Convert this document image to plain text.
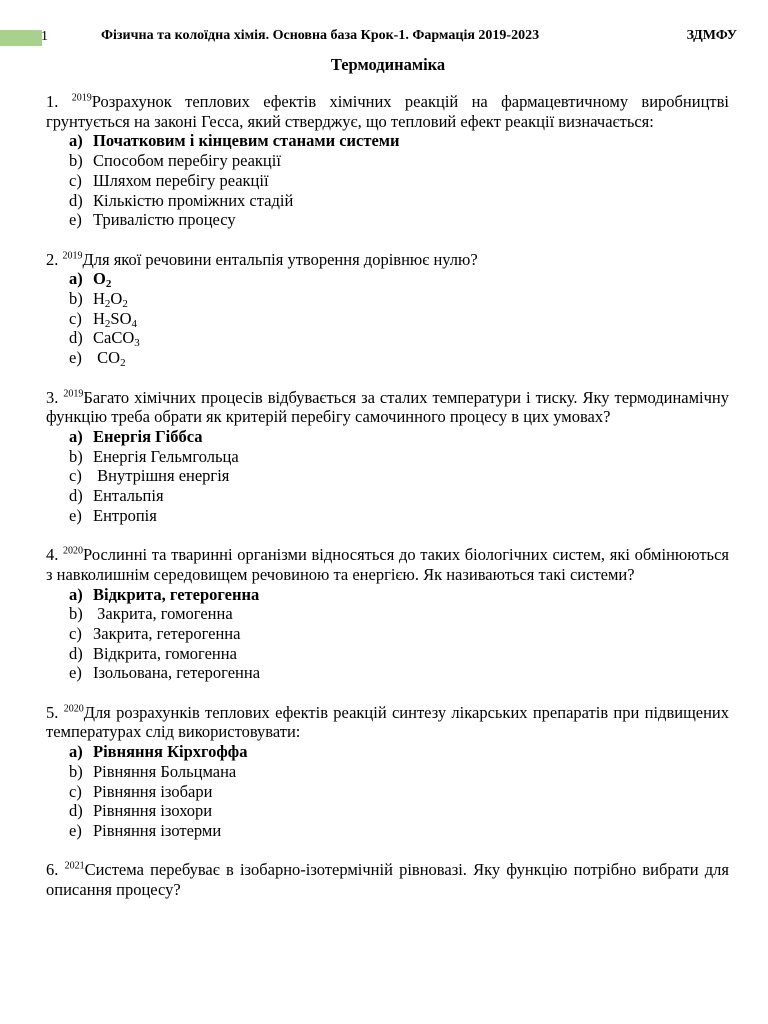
1	Фізична та колоїдна хімія. Основна база Крок-1. Фармація 2019-2023	ЗДМФУ
Термодинаміка

1. $^{2019}$Розрахунок теплових ефектів хімічних реакцій на фармацевтичному виробництві грунтується на законі Гесса, який стверджує, що тепловий ефект реакції визначається:

a) Початковим і кінцевим станами системи
b) Способом перебігу реакції
c) Шляхом перебігу реакції
d) Кількістю проміжних стадій
e) Тривалістю процесу

2. $^{2019}$Для якої речовини ентальпія утворення дорівнює нулю?

a) $O_2$
b) $H_2O_2$
c) $H_2SO_4$
d) CaCO$_3$
e) $CO_2$

3. $^{2019}$Багато хімічних процесів відбувається за сталих температури і тиску. Яку термодинамічну функцію треба обрати як критерій перебігу самочинного процесу в цих умовах?

a) Енергія Гіббса
b) Енергія Гельмгольца
c) Внутрішня енергія
d) Ентальпія
e) Ентропія

4. $^{2020}$Рослинні та тваринні організми відносяться до таких біологічних систем, які обмінюються з навколишнім середовищем речовиною та енергією. Як називаються такі системи?

a) Відкрита, гетерогенна
b) Закрита, гомогенна
c) Закрита, гетерогенна
d) Відкрита, гомогенна
e) Ізольована, гетерогенна

5. $^{2020}$Для розрахунків теплових ефектів реакцій синтезу лікарських препаратів при підвищених температурах слід використовувати:

a) Рівняння Кірхгоффа
b) Рівняння Больцмана
c) Рівняння ізобари
d) Рівняння ізохори
e) Рівняння ізотерми

6. $^{2021}$Система перебуває в ізобарно-ізотермічній рівновазі. Яку функцію потрібно вибрати для описання процесу?
